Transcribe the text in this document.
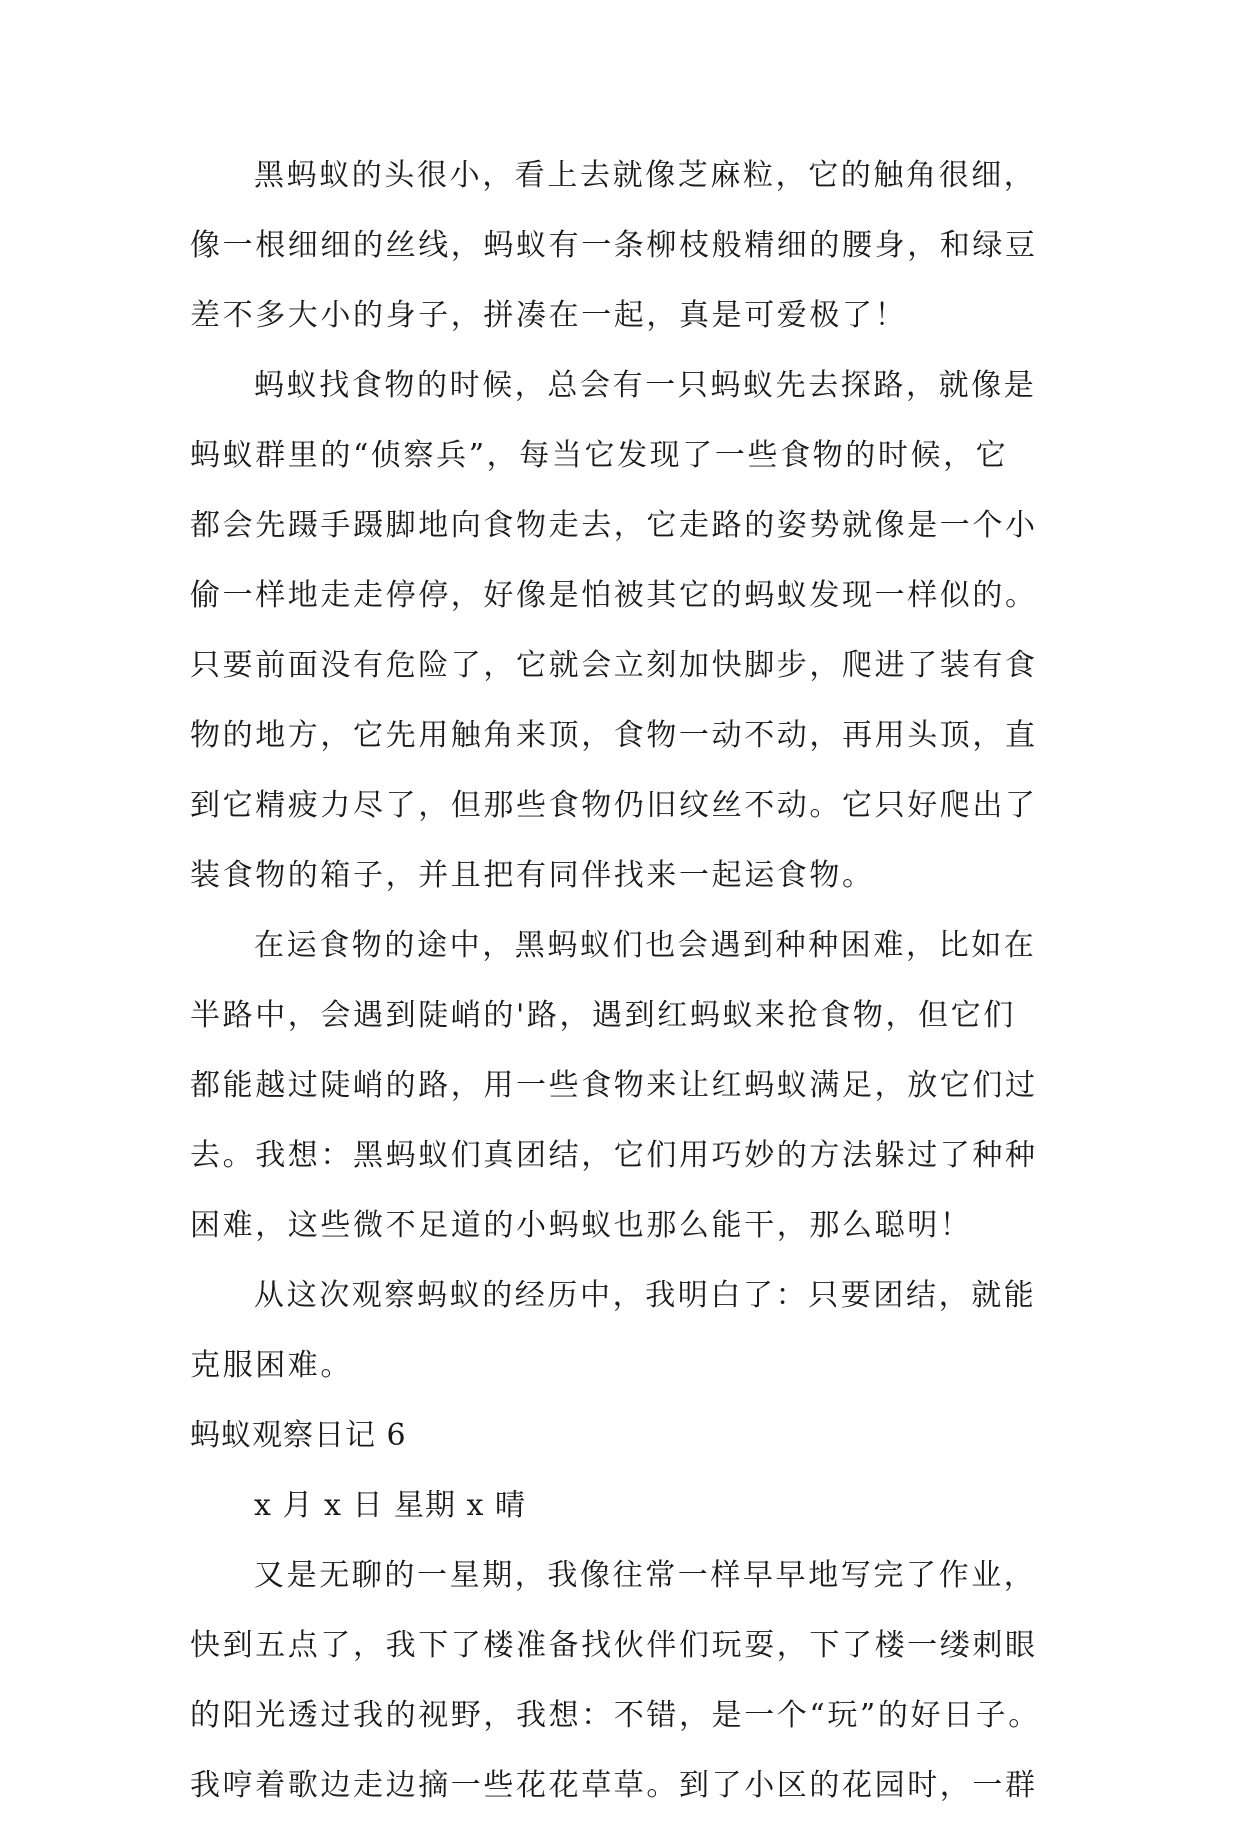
黑蚂蚁的头很小，看上去就像芝麻粒，它的触角很细，

像一根细细的丝线，蚂蚁有一条柳枝般精细的腰身，和绿豆

差不多大小的身子，拼凑在一起，真是可爱极了！

蚂蚁找食物的时候，总会有一只蚂蚁先去探路，就像是

蚂蚁群里的“侦察兵”，每当它发现了一些食物的时候，它

都会先蹑手蹑脚地向食物走去，它走路的姿势就像是一个小

偷一样地走走停停，好像是怕被其它的蚂蚁发现一样似的。

只要前面没有危险了，它就会立刻加快脚步，爬进了装有食

物的地方，它先用触角来顶，食物一动不动，再用头顶，直

到它精疲力尽了，但那些食物仍旧纹丝不动。它只好爬出了

装食物的箱子，并且把有同伴找来一起运食物。

在运食物的途中，黑蚂蚁们也会遇到种种困难，比如在

半路中，会遇到陡峭的'路，遇到红蚂蚁来抢食物，但它们

都能越过陡峭的路，用一些食物来让红蚂蚁满足，放它们过

去。我想：黑蚂蚁们真团结，它们用巧妙的方法躲过了种种

困难，这些微不足道的小蚂蚁也那么能干，那么聪明！

从这次观察蚂蚁的经历中，我明白了：只要团结，就能

克服困难。

蚂蚁观察日记 6

x 月 x 日 星期 x 晴

又是无聊的一星期，我像往常一样早早地写完了作业，

快到五点了，我下了楼准备找伙伴们玩耍，下了楼一缕刺眼

的阳光透过我的视野，我想：不错，是一个“玩”的好日子。

我哼着歌边走边摘一些花花草草。到了小区的花园时，一群
